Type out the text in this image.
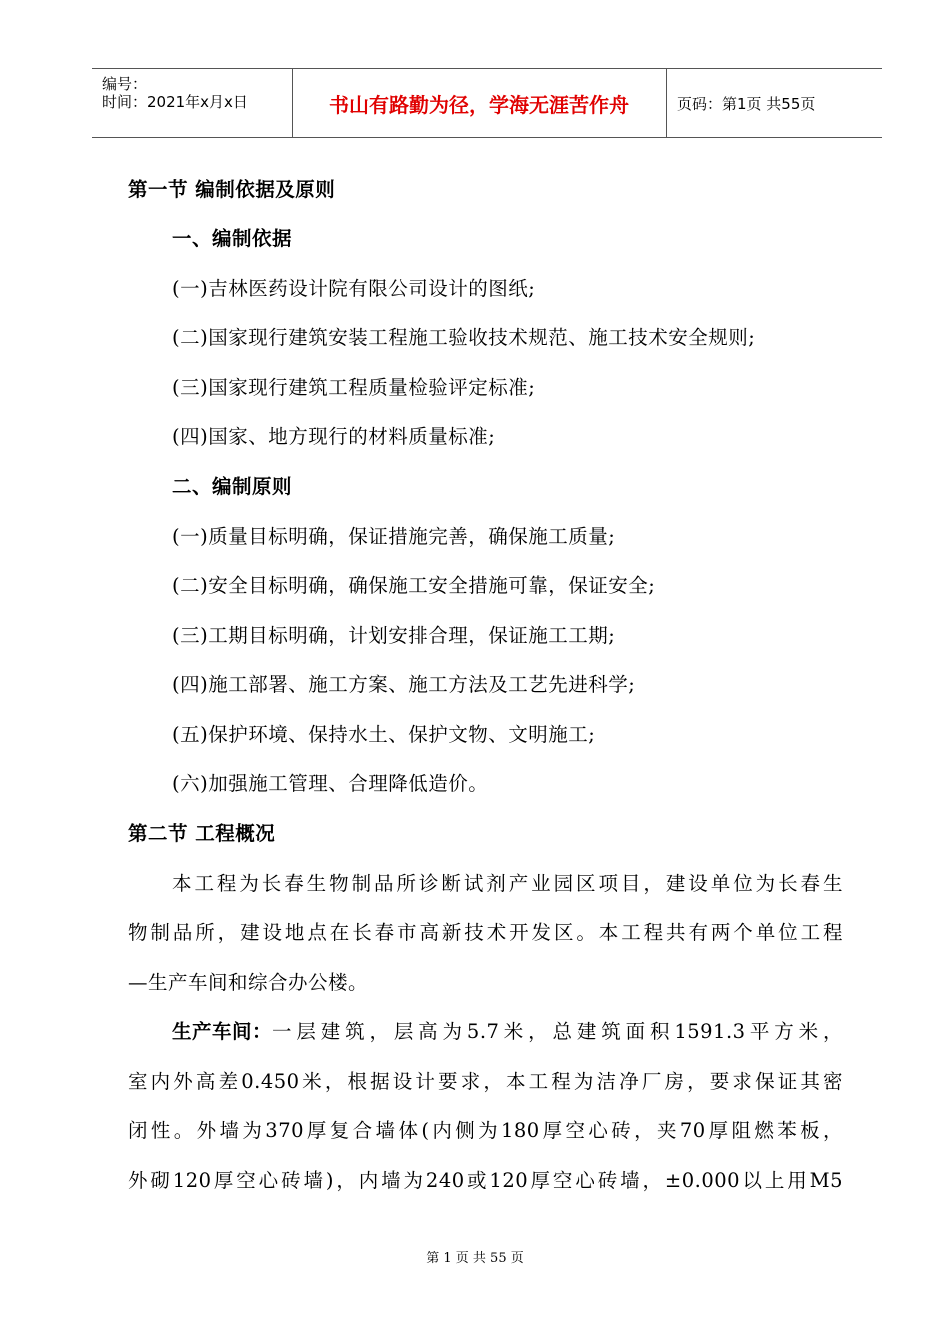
编号：
时间：2021年x月x日	书山有路勤为径，学海无涯苦作舟	页码：第1页 共55页
第一节 编制依据及原则
一、编制依据
(一)吉林医药设计院有限公司设计的图纸;
(二)国家现行建筑安装工程施工验收技术规范、施工技术安全规则;
(三)国家现行建筑工程质量检验评定标准;
(四)国家、地方现行的材料质量标准;
二、编制原则
(一)质量目标明确，保证措施完善，确保施工质量;
(二)安全目标明确，确保施工安全措施可靠，保证安全;
(三)工期目标明确，计划安排合理，保证施工工期;
(四)施工部署、施工方案、施工方法及工艺先进科学;
(五)保护环境、保持水土、保护文物、文明施工;
(六)加强施工管理、合理降低造价。
第二节 工程概况
本工程为长春生物制品所诊断试剂产业园区项目，建设单位为长春生
物制品所，建设地点在长春市高新技术开发区。本工程共有两个单位工程
—生产车间和综合办公楼。
生产车间： 一层建筑，层高为5.7米，总建筑面积1591.3平方米，
室内外高差0.450米，根据设计要求，本工程为洁净厂房，要求保证其密
闭性。外墙为370厚复合墙体(内侧为180厚空心砖，夹70厚阻燃苯板，
外砌120厚空心砖墙)，内墙为240或120厚空心砖墙，±0.000以上用M5
第 1 页 共 55 页
